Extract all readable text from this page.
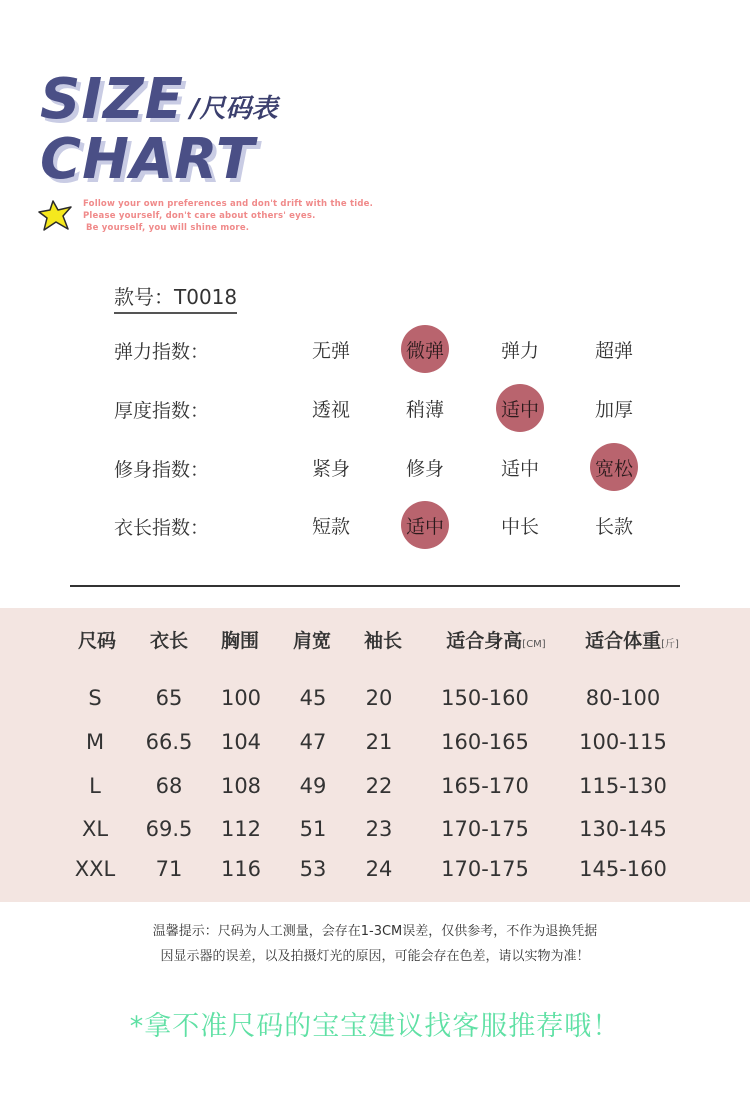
SIZE
CHART
/尺码表
Follow your own preferences and don't drift with the tide.
Please yourself, don't care about others' eyes.
Be yourself, you will shine more.
款号：T0018
弹力指数：	无弹	微弹	弹力	超弹
厚度指数：	透视	稍薄	适中	加厚
修身指数：	紧身	修身	适中	宽松
衣长指数：	短款	适中	中长	长款
尺码 衣长 胸围 肩宽 袖长 适合身高[CM] 适合体重[斤]
S	65 100 45 20 150-160	80-100
M 66.5 104 47 21 160-165 100-115
L	68 108 49 22 165-170 115-130
XL 69.5 112 51 23 170-175 130-145
XXL 71 116 53 24 170-175 145-160
温馨提示：尺码为人工测量，会存在1-3CM误差，仅供参考，不作为退换凭据
因显示器的误差，以及拍摄灯光的原因，可能会存在色差，请以实物为准！
*拿不准尺码的宝宝建议找客服推荐哦！
